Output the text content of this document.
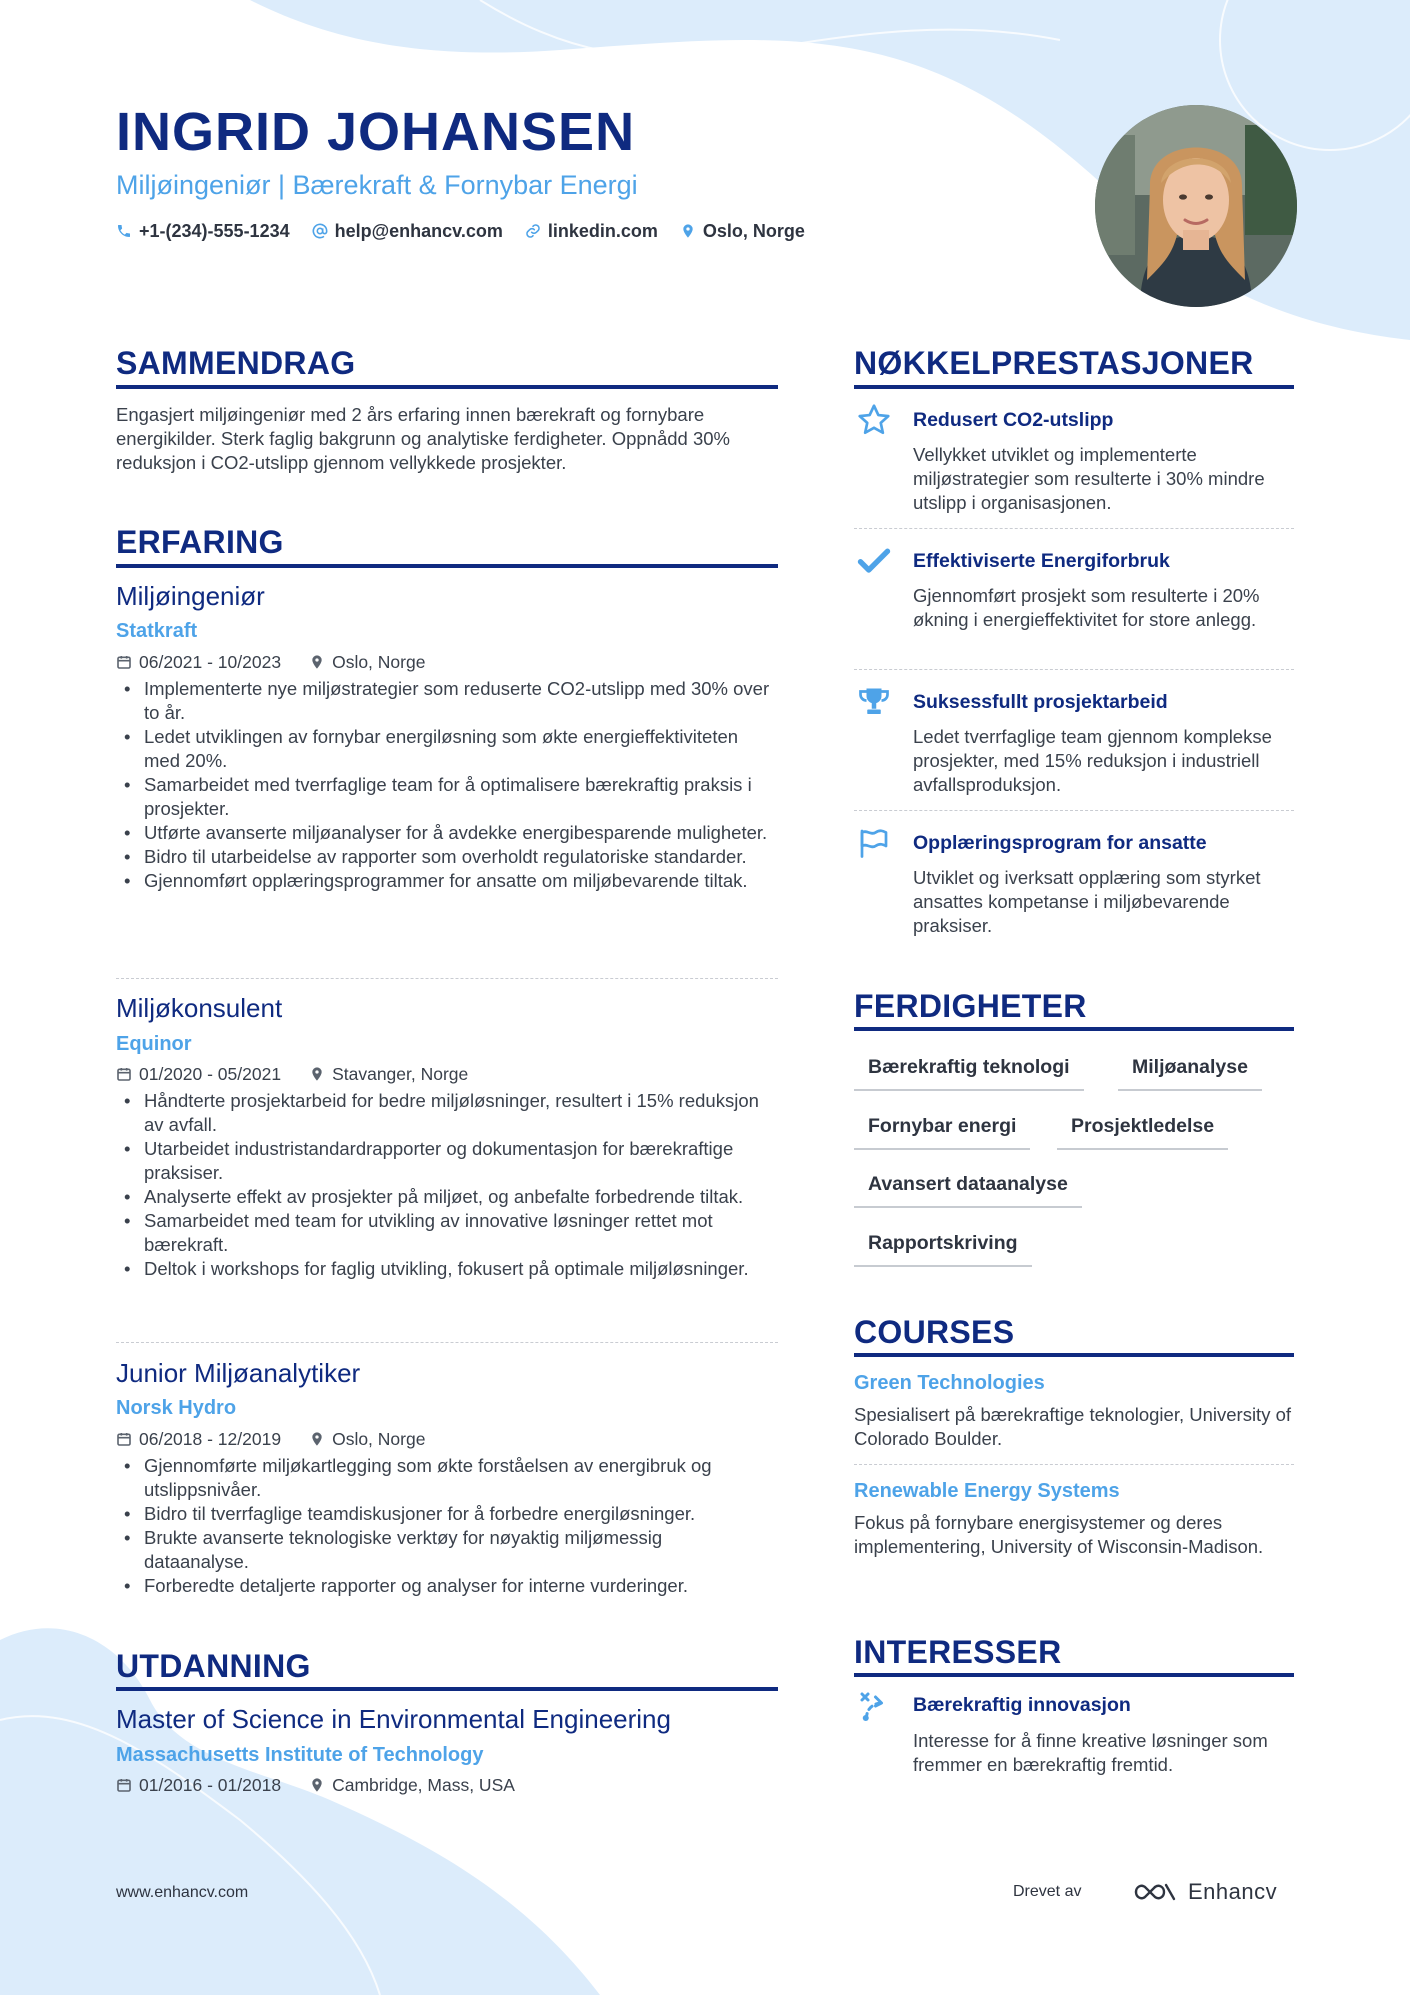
INGRID JOHANSEN
Miljøingeniør | Bærekraft & Fornybar Energi
+1-(234)-555-1234	help@enhancv.com	linkedin.com	Oslo, Norge
SAMMENDRAG
Engasjert miljøingeniør med 2 års erfaring innen bærekraft og fornybare energikilder. Sterk faglig bakgrunn og analytiske ferdigheter. Oppnådd 30% reduksjon i CO2-utslipp gjennom vellykkede prosjekter.
ERFARING
Miljøingeniør
Statkraft
06/2021 - 10/2023	Oslo, Norge
• Implementerte nye miljøstrategier som reduserte CO2-utslipp med 30% over to år.
• Ledet utviklingen av fornybar energiløsning som økte energieffektiviteten med 20%.
• Samarbeidet med tverrfaglige team for å optimalisere bærekraftig praksis i prosjekter.
• Utførte avanserte miljøanalyser for å avdekke energibesparende muligheter.
• Bidro til utarbeidelse av rapporter som overholdt regulatoriske standarder.
• Gjennomført opplæringsprogrammer for ansatte om miljøbevarende tiltak.
Miljøkonsulent
Equinor
01/2020 - 05/2021	Stavanger, Norge
• Håndterte prosjektarbeid for bedre miljøløsninger, resultert i 15% reduksjon av avfall.
• Utarbeidet industristandardrapporter og dokumentasjon for bærekraftige praksiser.
• Analyserte effekt av prosjekter på miljøet, og anbefalte forbedrende tiltak.
• Samarbeidet med team for utvikling av innovative løsninger rettet mot bærekraft.
• Deltok i workshops for faglig utvikling, fokusert på optimale miljøløsninger.
Junior Miljøanalytiker
Norsk Hydro
06/2018 - 12/2019	Oslo, Norge
• Gjennomførte miljøkartlegging som økte forståelsen av energibruk og utslippsnivåer.
• Bidro til tverrfaglige teamdiskusjoner for å forbedre energiløsninger.
• Brukte avanserte teknologiske verktøy for nøyaktig miljømessig dataanalyse.
• Forberedte detaljerte rapporter og analyser for interne vurderinger.
UTDANNING
Master of Science in Environmental Engineering
Massachusetts Institute of Technology
01/2016 - 01/2018	Cambridge, Mass, USA
NØKKELPRESTASJONER
Redusert CO2-utslipp
Vellykket utviklet og implementerte miljøstrategier som resulterte i 30% mindre utslipp i organisasjonen.
Effektiviserte Energiforbruk
Gjennomført prosjekt som resulterte i 20% økning i energieffektivitet for store anlegg.
Suksessfullt prosjektarbeid
Ledet tverrfaglige team gjennom komplekse prosjekter, med 15% reduksjon i industriell avfallsproduksjon.
Opplæringsprogram for ansatte
Utviklet og iverksatt opplæring som styrket ansattes kompetanse i miljøbevarende praksiser.
FERDIGHETER
Bærekraftig teknologi	Miljøanalyse
Fornybar energi	Prosjektledelse
Avansert dataanalyse
Rapportskriving
COURSES
Green Technologies
Spesialisert på bærekraftige teknologier, University of Colorado Boulder.
Renewable Energy Systems
Fokus på fornybare energisystemer og deres implementering, University of Wisconsin-Madison.
INTERESSER
Bærekraftig innovasjon
Interesse for å finne kreative løsninger som fremmer en bærekraftig fremtid.
www.enhancv.com	Drevet av	Enhancv
